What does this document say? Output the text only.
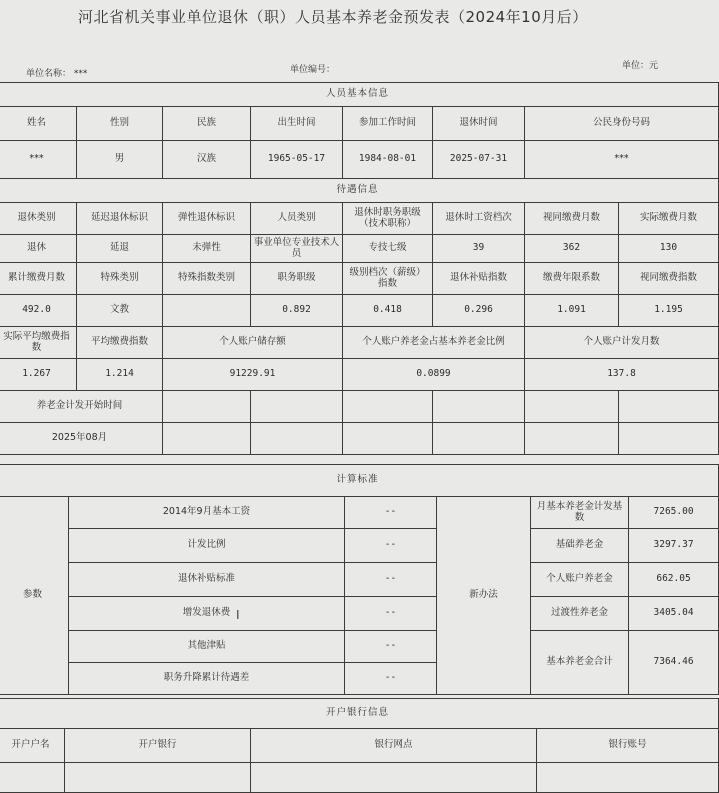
河北省机关事业单位退休（职）人员基本养老金预发表（2024年10月后）
单位名称： ***	单位编号：	单位：元
人员基本信息							
姓名	性别	民族	出生时间	参加工作时间	退休时间	公民身份号码	
***	男	汉族	1965-05-17	1984-08-01	2025-07-31	***	
待遇信息							
退休类别	延迟退休标识	弹性退休标识	人员类别	退休时职务职级（技术职称）	退休时工资档次	视同缴费月数	实际缴费月数
退休	延退	未弹性	事业单位专业技术人员	专技七级	39	362	130
累计缴费月数	特殊类别	特殊指数类别	职务职级	级别档次（薪级）指数	退休补贴指数	缴费年限系数	视同缴费指数
492.0	文教		0.892	0.418	0.296	1.091	1.195
实际平均缴费指数	平均缴费指数	个人账户储存额		个人账户养老金占基本养老金比例		个人账户计发月数	
1.267	1.214	91229.91		0.0899		137.8	
养老金计发开始时间							
2025年08月							
计算标准					
参数	2014年9月基本工资	--	新办法	月基本养老金计发基数	7265.00
	计发比例	--		基础养老金	3297.37
	退休补贴标准	--		个人账户养老金	662.05
	增发退休费	--		过渡性养老金	3405.04
	其他津贴	--		基本养老金合计	7364.46
	职务升降累计待遇差	--			
开户银行信息			
开户户名	开户银行	银行网点	银行账号

I
